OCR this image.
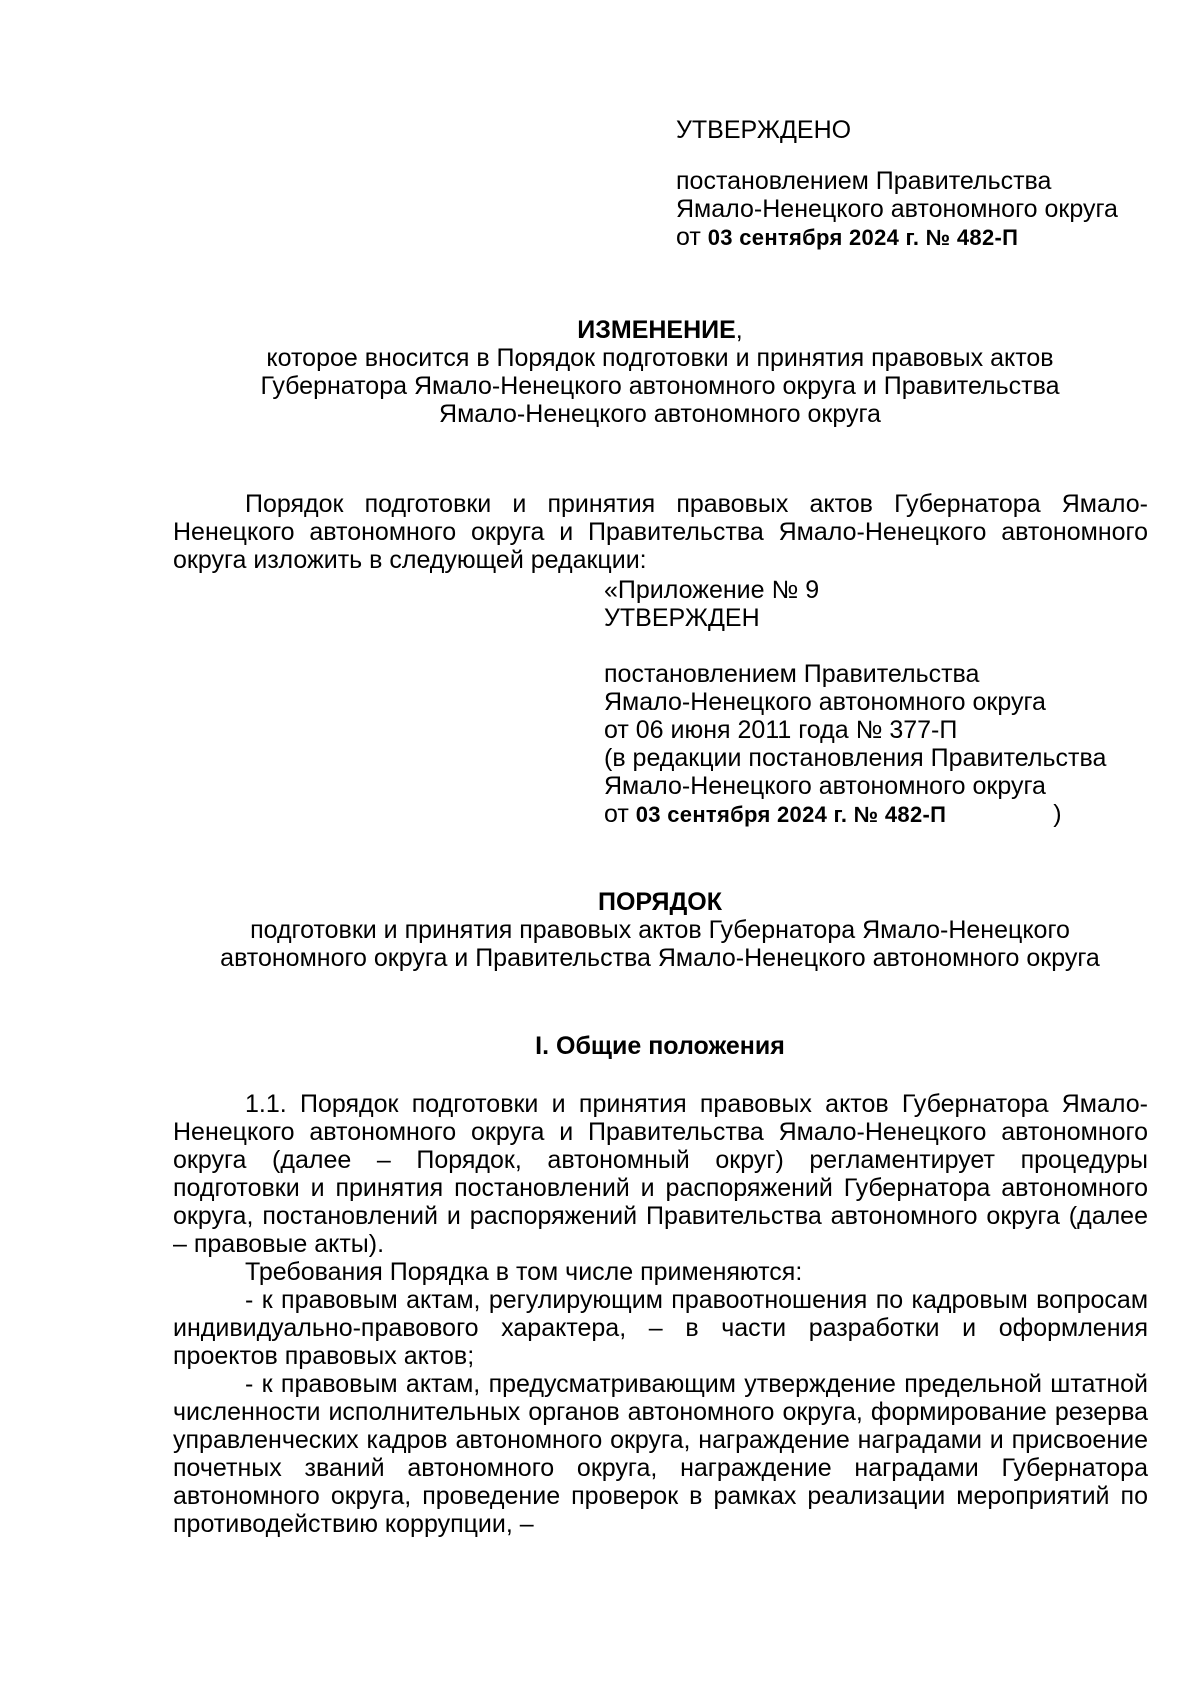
УТВЕРЖДЕНО
постановлением Правительства
Ямало-Ненецкого автономного округа
от 03 сентября 2024 г. № 482-П
ИЗМЕНЕНИЕ,
которое вносится в Порядок подготовки и принятия правовых актов Губернатора Ямало-Ненецкого автономного округа и Правительства Ямало-Ненецкого автономного округа

Порядок подготовки и принятия правовых актов Губернатора Ямало-Ненецкого автономного округа и Правительства Ямало-Ненецкого автономного округа изложить в следующей редакции:

«Приложение № 9
УТВЕРЖДЕН
постановлением Правительства
Ямало-Ненецкого автономного округа
от 06 июня 2011 года № 377-П
(в редакции постановления Правительства
Ямало-Ненецкого автономного округа
от 03 сентября 2024 г. № 482-П	)
ПОРЯДОК
подготовки и принятия правовых актов Губернатора Ямало-Ненецкого автономного округа и Правительства Ямало-Ненецкого автономного округа
I. Общие положения

1.1. Порядок подготовки и принятия правовых актов Губернатора Ямало-Ненецкого автономного округа и Правительства Ямало-Ненецкого автономного округа (далее – Порядок, автономный округ) регламентирует процедуры подготовки и принятия постановлений и распоряжений Губернатора автономного округа, постановлений и распоряжений Правительства автономного округа (далее – правовые акты).

Требования Порядка в том числе применяются:

- к правовым актам, регулирующим правоотношения по кадровым вопросам индивидуально-правового характера, – в части разработки и оформления проектов правовых актов;

- к правовым актам, предусматривающим утверждение предельной штатной численности исполнительных органов автономного округа, формирование резерва управленческих кадров автономного округа, награждение наградами и присвоение почетных званий автономного округа, награждение наградами Губернатора автономного округа, проведение проверок в рамках реализации мероприятий по противодействию коррупции, –
